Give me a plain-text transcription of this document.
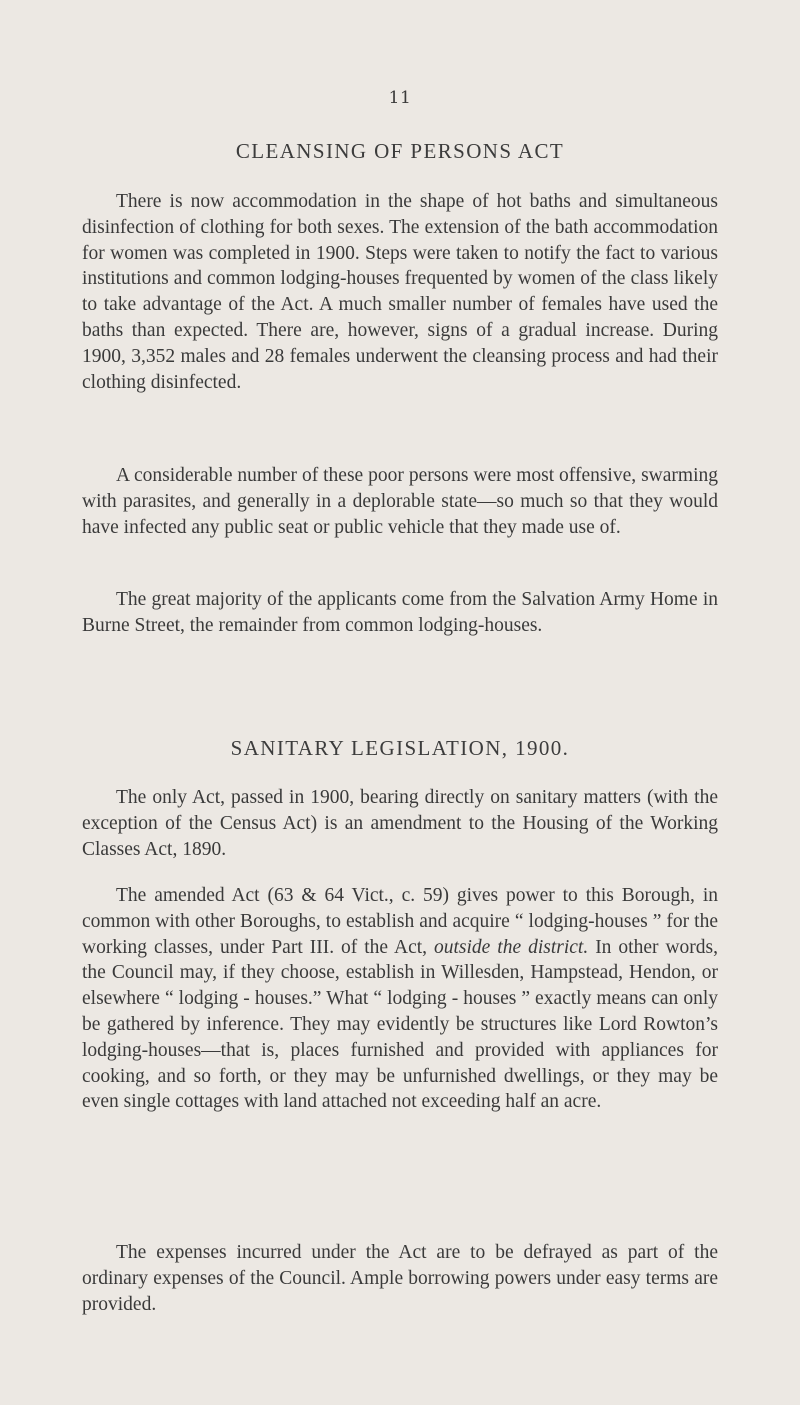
11
CLEANSING OF PERSONS ACT

There is now accommodation in the shape of hot baths and simultaneous disinfection of clothing for both sexes. The extension of the bath accommodation for women was completed in 1900. Steps were taken to notify the fact to various institutions and common lodging-houses frequented by women of the class likely to take advantage of the Act. A much smaller number of females have used the baths than expected. There are, however, signs of a gradual increase. During 1900, 3,352 males and 28 females underwent the cleansing process and had their clothing disinfected.

A considerable number of these poor persons were most offensive, swarming with parasites, and generally in a deplorable state—so much so that they would have infected any public seat or public vehicle that they made use of.

The great majority of the applicants come from the Salvation Army Home in Burne Street, the remainder from common lodging-houses.

SANITARY LEGISLATION, 1900.

The only Act, passed in 1900, bearing directly on sanitary matters (with the exception of the Census Act) is an amendment to the Housing of the Working Classes Act, 1890.

The amended Act (63 & 64 Vict., c. 59) gives power to this Borough, in common with other Boroughs, to establish and acquire “ lodging-houses ” for the working classes, under Part III. of the Act, outside the district. In other words, the Council may, if they choose, establish in Willesden, Hampstead, Hendon, or elsewhere “ lodging - houses.” What “ lodging - houses ” exactly means can only be gathered by inference. They may evidently be structures like Lord Rowton’s lodging-houses—that is, places furnished and provided with appliances for cooking, and so forth, or they may be unfurnished dwellings, or they may be even single cottages with land attached not exceeding half an acre.

The expenses incurred under the Act are to be defrayed as part of the ordinary expenses of the Council. Ample borrowing powers under easy terms are provided.
